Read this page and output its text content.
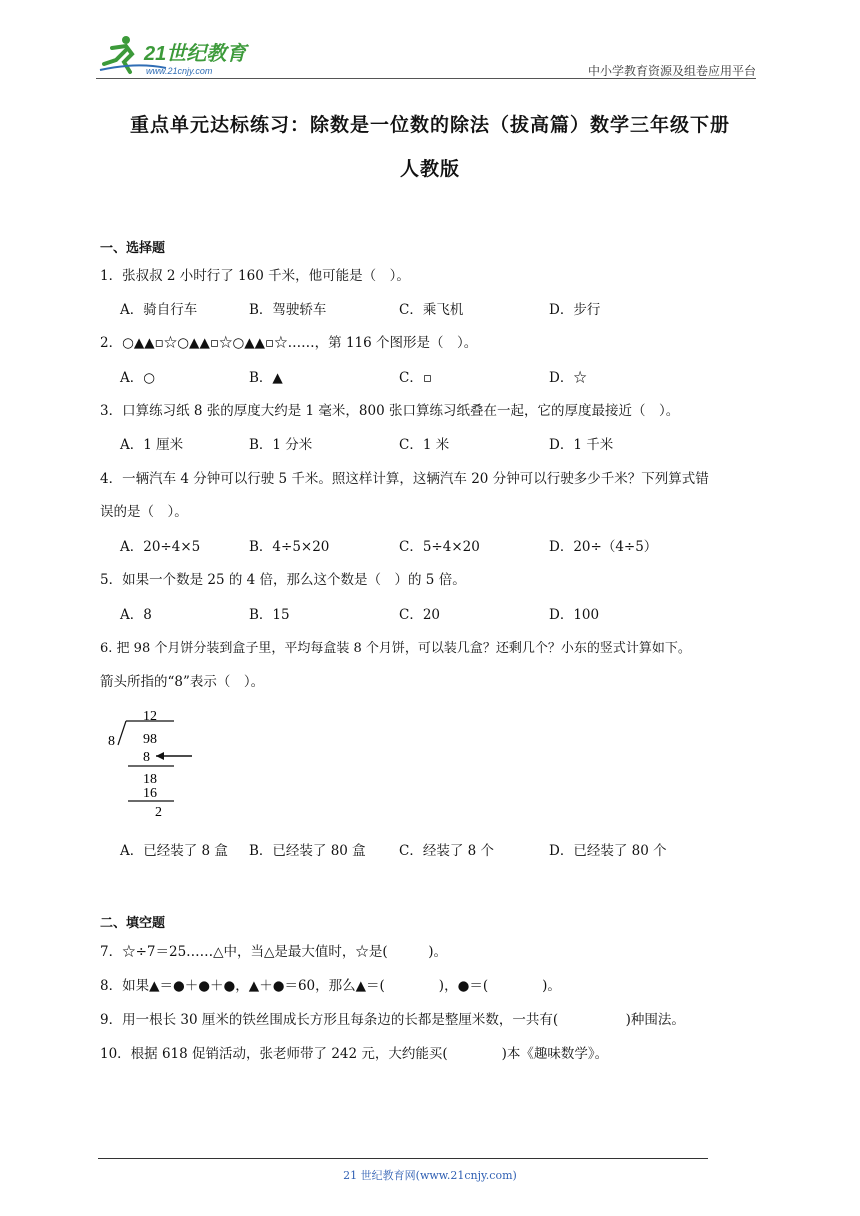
21世纪教育
www.21cnjy.com	中小学教育资源及组卷应用平台
重点单元达标练习：除数是一位数的除法（拔高篇）数学三年级下册
人教版
一、选择题
1．张叔叔 2 小时行了 160 千米，他可能是（　）。
A．骑自行车	B．驾驶轿车	C．乘飞机	D．步行
2．○▲▲▫☆○▲▲▫☆○▲▲▫☆……，第 116 个图形是（　）。
A．○	B．▲	C．▫	D．☆
3．口算练习纸 8 张的厚度大约是 1 毫米，800 张口算练习纸叠在一起，它的厚度最接近（　）。
A．1 厘米	B．1 分米	C．1 米	D．1 千米
4．一辆汽车 4 分钟可以行驶 5 千米。照这样计算，这辆汽车 20 分钟可以行驶多少千米？下列算式错
误的是（　）。
A．20÷4×5	B．4÷5×20	C．5÷4×20	D．20÷（4÷5）
5．如果一个数是 25 的 4 倍，那么这个数是（　）的 5 倍。
A．8	B．15	C．20	D．100
6. 把 98 个月饼分装到盒子里，平均每盒装 8 个月饼，可以装几盒？还剩几个？小东的竖式计算如下。
箭头所指的“8”表示（　）。
12
8 98
8
18
16
2
A．已经装了 8 盒 B．已经装了 80 盒 C．经装了 8 个	D．已经装了 80 个
二、填空题
7．☆÷7＝25……△中，当△是最大值时，☆是(　　　)。
8．如果▲＝●＋●＋●，▲＋●＝60，那么▲＝(　　　　)，●＝(　　　　)。
9．用一根长 30 厘米的铁丝围成长方形且每条边的长都是整厘米数，一共有(　　　　　)种围法。
10．根据 618 促销活动，张老师带了 242 元，大约能买(　　　　)本《趣味数学》。
21 世纪教育网(www.21cnjy.com)
